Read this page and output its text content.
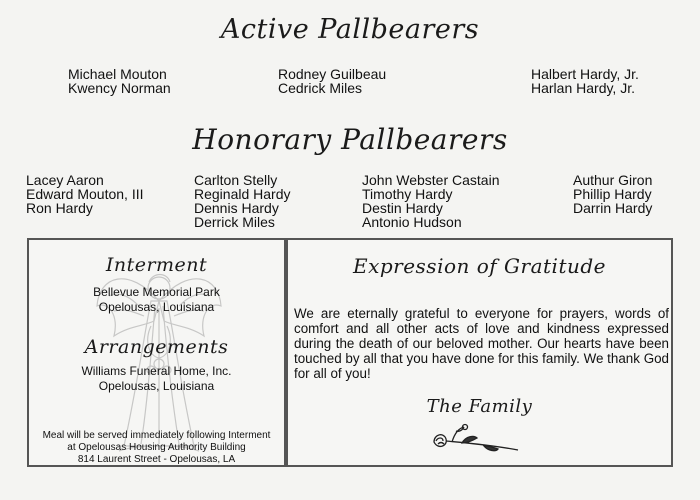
Active Pallbearers
Michael Mouton
Kwency Norman
Rodney Guilbeau
Cedrick Miles
Halbert Hardy, Jr.
Harlan Hardy, Jr.
Honorary Pallbearers
Lacey Aaron
Edward Mouton, III
Ron Hardy
Carlton Stelly
Reginald Hardy
Dennis Hardy
Derrick Miles
John Webster Castain
Timothy Hardy
Destin Hardy
Antonio Hudson
Authur Giron
Phillip Hardy
Darrin Hardy
Interment
Bellevue Memorial Park
Opelousas, Louisiana
Arrangements
Williams Funeral Home, Inc.
Opelousas, Louisiana
Meal will be served immediately following Interment
at Opelousas Housing Authority Building
814 Laurent Street - Opelousas, LA
Expression of Gratitude
We are eternally grateful to everyone for prayers, words of comfort and all other acts of love and kindness expressed during the death of our beloved mother. Our hearts have been touched by all that you have done for this family. We thank God for all of you!
The Family
